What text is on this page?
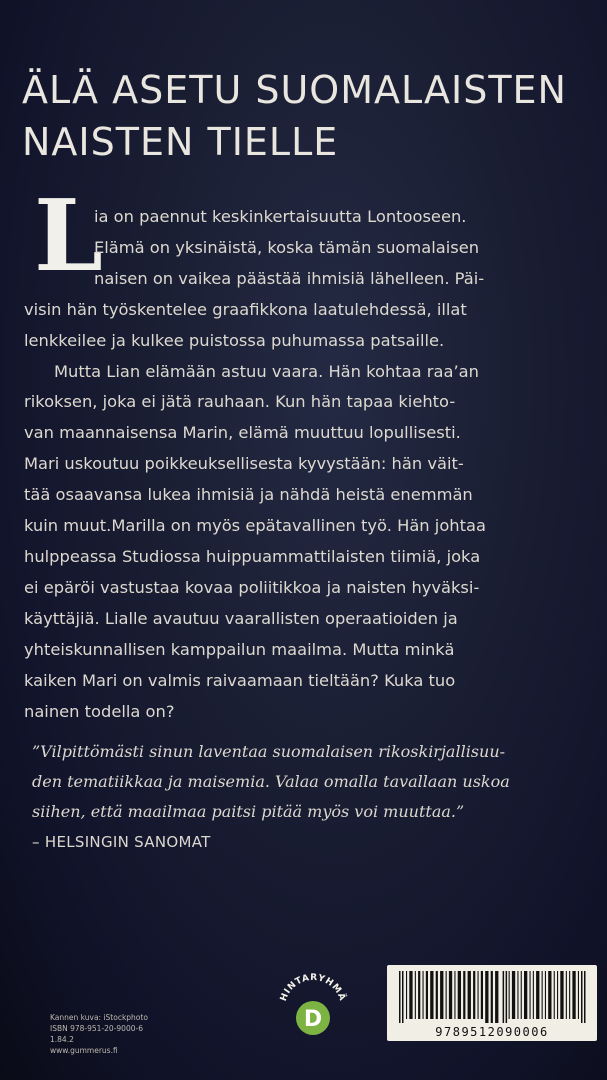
ÄLÄ ASETU SUOMALAISTEN
NAISTEN TIELLE
L
ia on paennut keskinkertaisuutta Lontooseen.
Elämä on yksinäistä, koska tämän suomalaisen
naisen on vaikea päästää ihmisiä lähelleen. Päi-
visin hän työskentelee graafikkona laatulehdessä, illat
lenkkeilee ja kulkee puistossa puhumassa patsaille.
Mutta Lian elämään astuu vaara. Hän kohtaa raa’an
rikoksen, joka ei jätä rauhaan. Kun hän tapaa kiehto-
van maannaisensa Marin, elämä muuttuu lopullisesti.
Mari uskoutuu poikkeuksellisesta kyvystään: hän väit-
tää osaavansa lukea ihmisiä ja nähdä heistä enemmän
kuin muut.Marilla on myös epätavallinen työ. Hän johtaa
hulppeassa Studiossa huippuammattilaisten tiimiä, joka
ei epäröi vastustaa kovaa poliitikkoa ja naisten hyväksi-
käyttäjiä. Lialle avautuu vaarallisten operaatioiden ja
yhteiskunnallisen kamppailun maailma. Mutta minkä
kaiken Mari on valmis raivaamaan tieltään? Kuka tuo
nainen todella on?
”Vilpittömästi sinun laventaa suomalaisen rikoskirjallisuu-
den tematiikkaa ja maisemia. Valaa omalla tavallaan uskoa
siihen, että maailmaa paitsi pitää myös voi muuttaa.”
– HELSINGIN SANOMAT
Kannen kuva: iStockphoto
ISBN 978-951-20-9000-6
1.84.2
www.gummerus.fi
HINTARYHMÄ
D	9789512090006
